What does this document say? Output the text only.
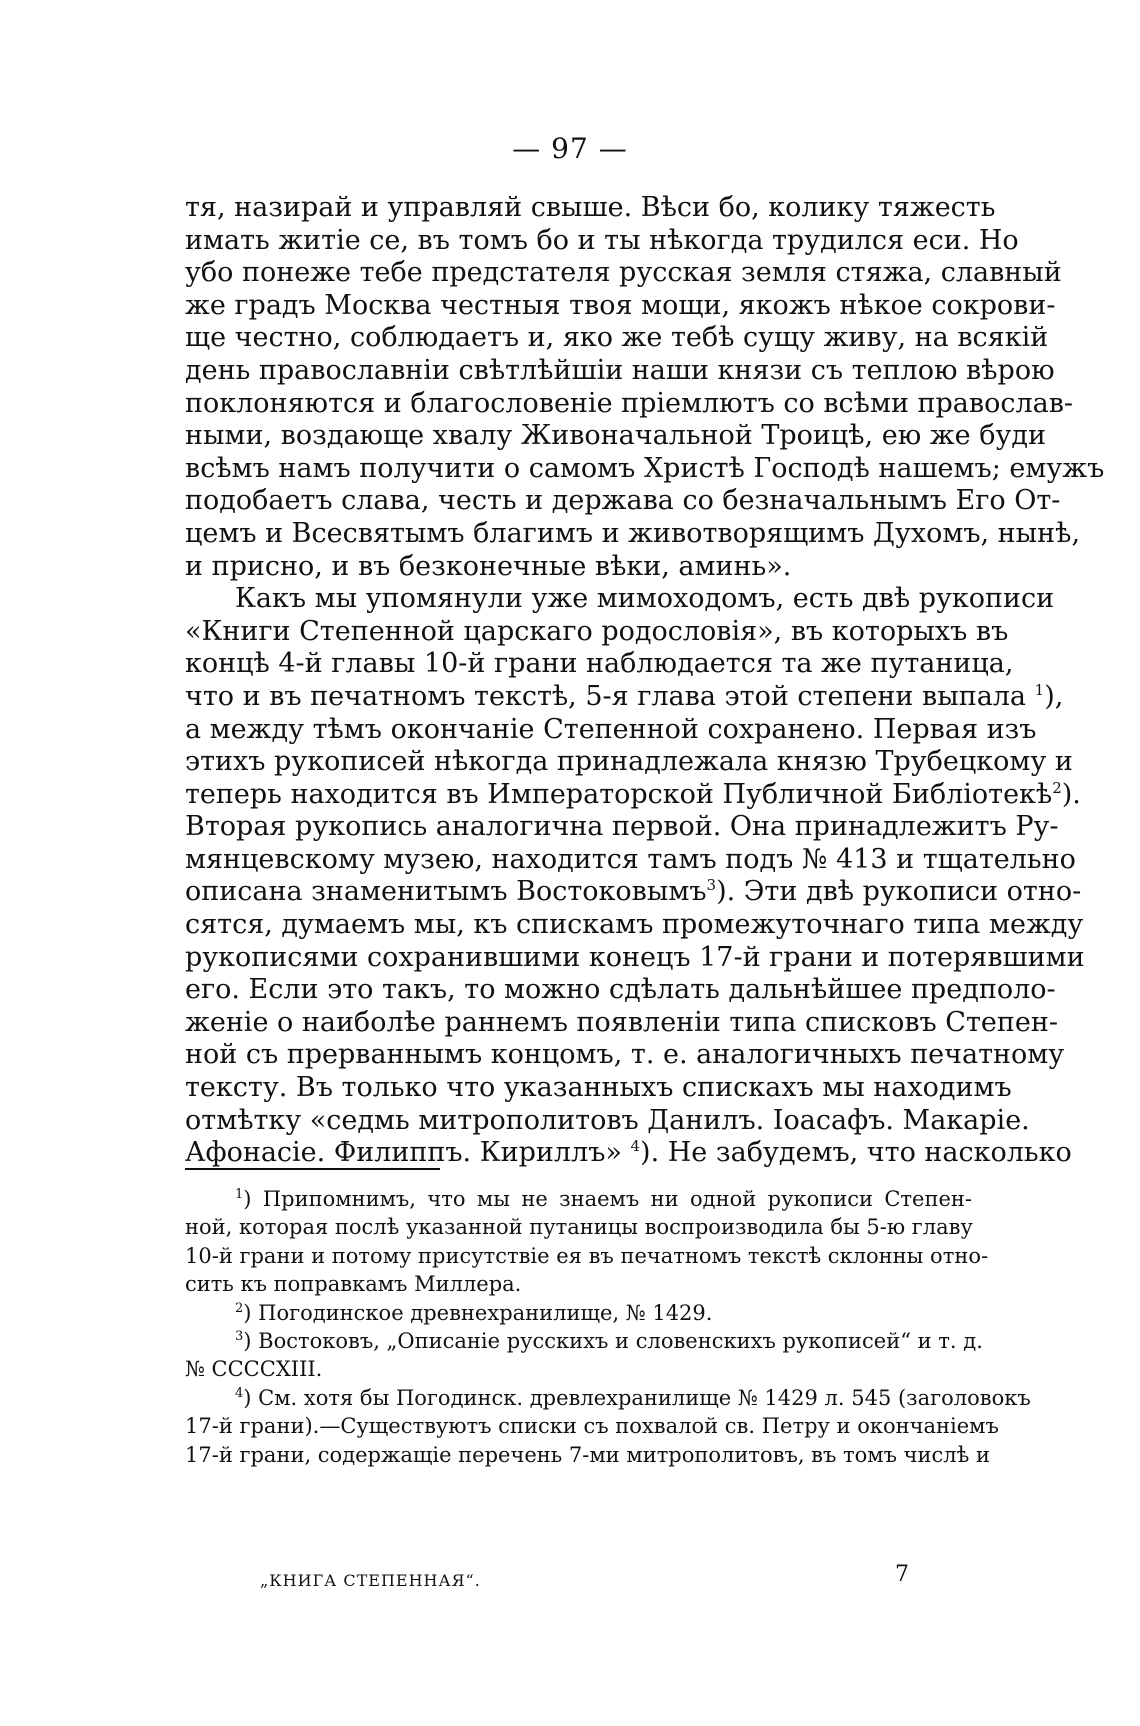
— 97 —
тя, назирай и управляй свыше. Вѣси бо, колику тяжесть
имать житіе се, въ томъ бо и ты нѣкогда трудился еси. Но
убо понеже тебе предстателя русская земля стяжа, славный
же градъ Москва честныя твоя мощи, якожъ нѣкое сокрови-
ще честно, соблюдаетъ и, яко же тебѣ сущу живу, на всякій
день православніи свѣтлѣйшіи наши князи съ теплою вѣрою
поклоняются и благословеніе пріемлютъ со всѣми православ-
ными, воздающе хвалу Живоначальной Троицѣ, ею же буди
всѣмъ намъ получити о самомъ Христѣ Господѣ нашемъ; емужъ
подобаетъ слава, честь и держава со безначальнымъ Его От-
цемъ и Всесвятымъ благимъ и животворящимъ Духомъ, нынѣ,
и присно, и въ безконечные вѣки, аминь».
Какъ мы упомянули уже мимоходомъ, есть двѣ рукописи
«Книги Степенной царскаго родословія», въ которыхъ въ
концѣ 4-й главы 10-й грани наблюдается та же путаница,
что и въ печатномъ текстѣ, 5-я глава этой степени выпала $^1$),
а между тѣмъ окончаніе Степенной сохранено. Первая изъ
этихъ рукописей нѣкогда принадлежала князю Трубецкому и
теперь находится въ Императорской Публичной Библіотекѣ$^2$).
Вторая рукопись аналогична первой. Она принадлежитъ Ру-
мянцевскому музею, находится тамъ подъ № 413 и тщательно
описана знаменитымъ Востоковымъ$^3$). Эти двѣ рукописи отно-
сятся, думаемъ мы, къ спискамъ промежуточнаго типа между
рукописями сохранившими конецъ 17-й грани и потерявшими
его. Если это такъ, то можно сдѣлать дальнѣйшее предполо-
женіе о наиболѣе раннемъ появленіи типа списковъ Степен-
ной съ прерваннымъ концомъ, т. е. аналогичныхъ печатному
тексту. Въ только что указанныхъ спискахъ мы находимъ
отмѣтку «седмь митрополитовъ Данилъ. Іоасафъ. Макаріе.
Афонасіе. Филиппъ. Кириллъ» $^4$). Не забудемъ, что насколько
$^1$) Припомнимъ, что мы не знаемъ ни одной рукописи Степен-
ной, которая послѣ указанной путаницы воспроизводила бы 5-ю главу
10-й грани и потому присутствіе ея въ печатномъ текстѣ склонны отно-
сить къ поправкамъ Миллера.
$^2$) Погодинское древнехранилище, № 1429.
$^3$) Востоковъ, „Описаніе русскихъ и словенскихъ рукописей“ и т. д.
№ CCCCXIII.
$^4$) См. хотя бы Погодинск. древлехранилище № 1429 л. 545 (заголовокъ
17-й грани).—Существуютъ списки съ похвалой св. Петру и окончаніемъ
17-й грани, содержащіе перечень 7-ми митрополитовъ, въ томъ числѣ и
„КНИГА СТЕПЕННАЯ“.	7
